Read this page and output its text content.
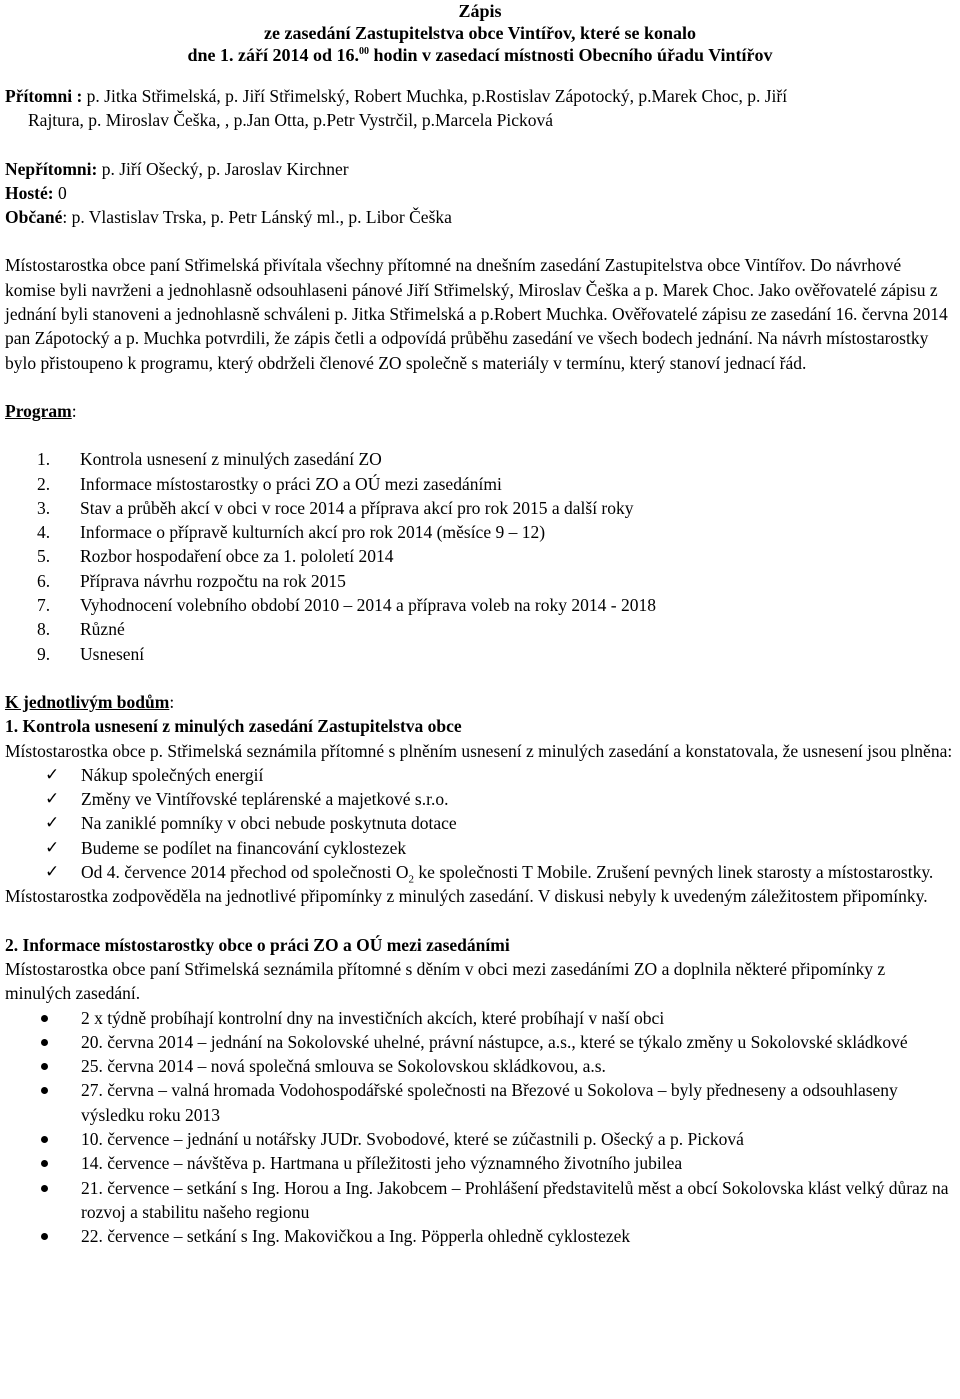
Zápis
ze zasedání Zastupitelstva obce Vintířov, které se konalo
dne 1. září 2014 od 16.00 hodin v zasedací místnosti Obecního úřadu Vintířov

Přítomni : p. Jitka Střimelská, p. Jiří Střimelský, Robert Muchka, p.Rostislav Zápotocký, p.Marek Choc, p. Jiří

Rajtura, p. Miroslav Češka, , p.Jan Otta, p.Petr Vystrčil, p.Marcela Picková

Nepřítomni: p. Jiří Ošecký, p. Jaroslav Kirchner

Hosté: 0

Občané: p. Vlastislav Trska, p. Petr Lánský ml., p. Libor Češka

Místostarostka obce paní Střimelská přivítala všechny přítomné na dnešním zasedání Zastupitelstva obce Vintířov. Do návrhové komise byli navrženi a jednohlasně odsouhlaseni pánové Jiří Střimelský, Miroslav Češka a p. Marek Choc. Jako ověřovatelé zápisu z jednání byli stanoveni a jednohlasně schváleni p. Jitka Střimelská a p.Robert Muchka. Ověřovatelé zápisu ze zasedání 16. června 2014 pan Zápotocký a p. Muchka potvrdili, že zápis četli a odpovídá průběhu zasedání ve všech bodech jednání. Na návrh místostarostky bylo přistoupeno k programu, který obdrželi členové ZO společně s materiály v termínu, který stanoví jednací řád.

Program:

1. Kontrola usnesení z minulých zasedání ZO
2. Informace místostarostky o práci ZO a OÚ mezi zasedáními
3. Stav a průběh akcí v obci v roce 2014 a příprava akcí pro rok 2015 a další roky
4. Informace o přípravě kulturních akcí pro rok 2014 (měsíce 9 – 12)
5. Rozbor hospodaření obce za 1. pololetí 2014
6. Příprava návrhu rozpočtu na rok 2015
7. Vyhodnocení volebního období 2010 – 2014 a příprava voleb na roky 2014 - 2018
8. Různé
9. Usnesení

K jednotlivým bodům:

1. Kontrola usnesení z minulých zasedání Zastupitelstva obce

Místostarostka obce p. Střimelská seznámila přítomné s plněním usnesení z minulých zasedání a konstatovala, že usnesení jsou plněna:

✓ Nákup společných energií
✓ Změny ve Vintířovské teplárenské a majetkové s.r.o.
✓ Na zaniklé pomníky v obci nebude poskytnuta dotace
✓ Budeme se podílet na financování cyklostezek
✓ Od 4. července 2014 přechod od společnosti $O_2$ ke společnosti T Mobile. Zrušení pevných linek starosty a místostarostky.

Místostarostka zodpověděla na jednotlivé připomínky z minulých zasedání. V diskusi nebyly k uvedeným záležitostem připomínky.

2. Informace místostarostky obce o práci ZO a OÚ mezi zasedáními

Místostarostka obce paní Střimelská seznámila přítomné s děním v obci mezi zasedáními ZO a doplnila některé připomínky z minulých zasedání.

2 x týdně probíhají kontrolní dny na investičních akcích, které probíhají v naší obci
20. června 2014 – jednání na Sokolovské uhelné, právní nástupce, a.s., které se týkalo změny u Sokolovské skládkové
25. června 2014 – nová společná smlouva se Sokolovskou skládkovou, a.s.
27. června – valná hromada Vodohospodářské společnosti na Březové u Sokolova – byly předneseny a odsouhlaseny výsledku roku 2013
10. července – jednání u notářsky JUDr. Svobodové, které se zúčastnili p. Ošecký a p. Picková
14. července – návštěva p. Hartmana u příležitosti jeho významného životního jubilea
21. července – setkání s Ing. Horou a Ing. Jakobcem – Prohlášení představitelů měst a obcí Sokolovska klást velký důraz na rozvoj a stabilitu našeho regionu
22. července – setkání s Ing. Makovičkou a Ing. Pöpperla ohledně cyklostezek
